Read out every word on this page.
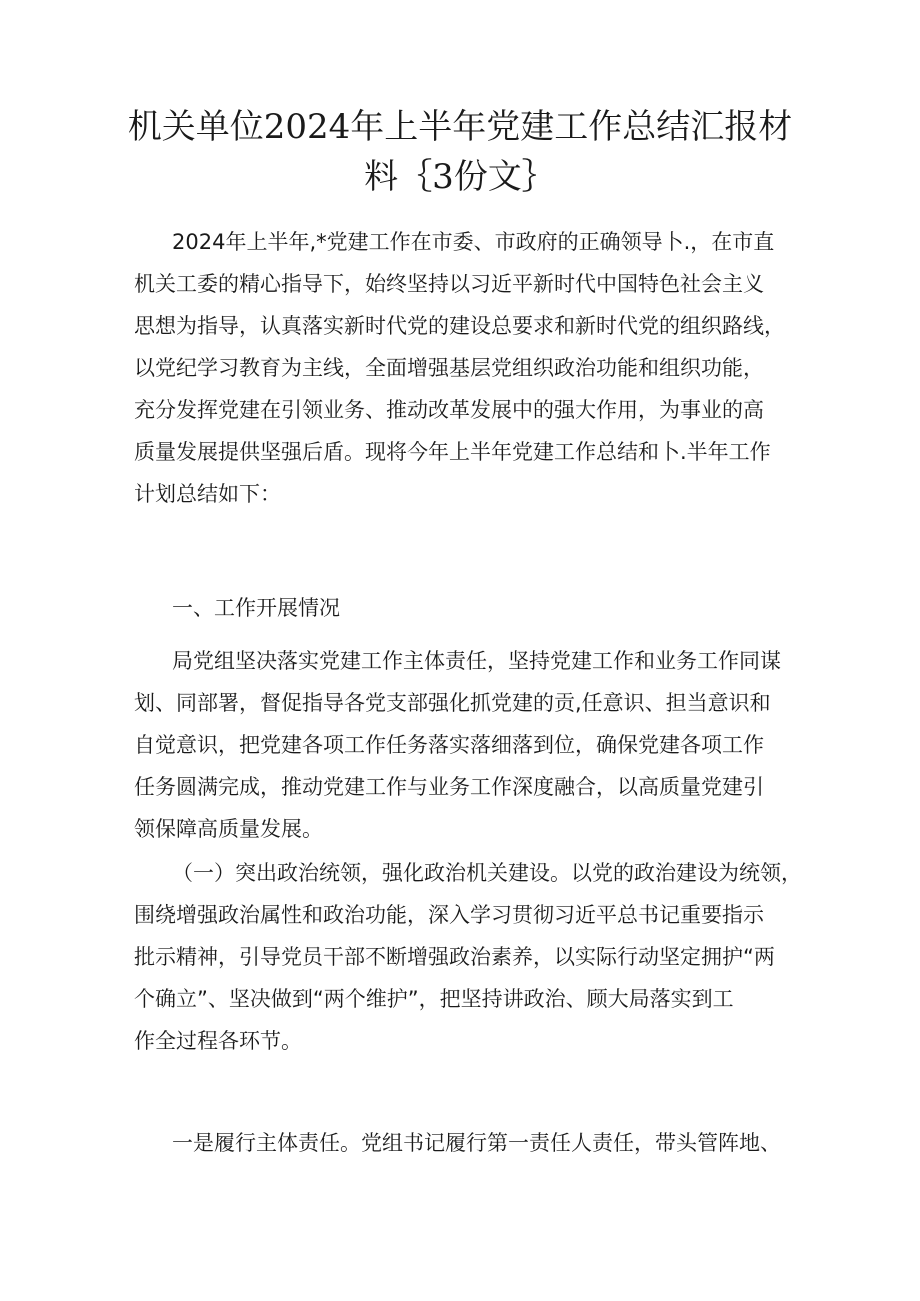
机关单位2024年上半年党建工作总结汇报材
料｛3份文｝
2024年上半年,*党建工作在市委、市政府的正确领导卜.，在市直
机关工委的精心指导下，始终坚持以习近平新时代中国特色社会主义
思想为指导，认真落实新时代党的建设总要求和新时代党的组织路线，
以党纪学习教育为主线，全面增强基层党组织政治功能和组织功能，
充分发挥党建在引领业务、推动改革发展中的强大作用，为事业的高
质量发展提供坚强后盾。现将今年上半年党建工作总结和卜.半年工作
计划总结如下：
一、工作开展情况
局党组坚决落实党建工作主体责任，坚持党建工作和业务工作同谋
划、同部署，督促指导各党支部强化抓党建的贡,任意识、担当意识和
自觉意识，把党建各项工作任务落实落细落到位，确保党建各项工作
任务圆满完成，推动党建工作与业务工作深度融合，以高质量党建引
领保障高质量发展。
（一）突出政治统领，强化政治机关建设。以党的政治建设为统领，
围绕增强政治属性和政治功能，深入学习贯彻习近平总书记重要指示
批示精神，引导党员干部不断增强政治素养，以实际行动坚定拥护“两
个确立”、坚决做到“两个维护”，把坚持讲政治、顾大局落实到工
作全过程各环节。
一是履行主体责任。党组书记履行第一责任人责任，带头管阵地、
